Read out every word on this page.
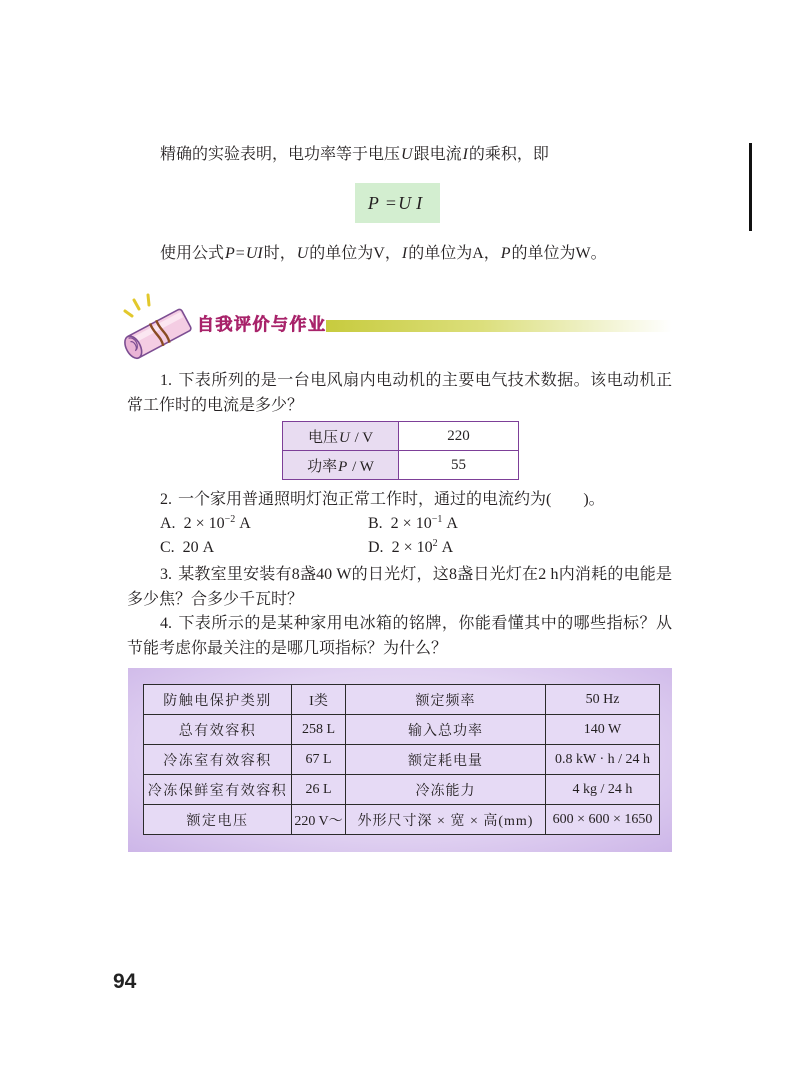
精确的实验表明，电功率等于电压U跟电流I的乘积，即
P = UI
使用公式P=UI时，U的单位为V，I的单位为A，P的单位为W。
自我评价与作业
1. 下表所列的是一台电风扇内电动机的主要电气技术数据。该电动机正
常工作时的电流是多少？
电压U / V	220
功率P / W	55
2. 一个家用普通照明灯泡正常工作时，通过的电流约为(　　)。
A. $2 \times 10^{-2}$ A	B. $2 \times 10^{-1}$ A
C. 20 A	D. $2 \times 10^2$ A
3. 某教室里安装有8盏40 W的日光灯，这8盏日光灯在2 h内消耗的电能是
多少焦？合多少千瓦时？
4. 下表所示的是某种家用电冰箱的铭牌，你能看懂其中的哪些指标？从
节能考虑你最关注的是哪几项指标？为什么？
防触电保护类别	I类	额定频率	50 Hz
总有效容积	258 L	输入总功率	140 W
冷冻室有效容积	67 L	额定耗电量	0.8 kW · h / 24 h
冷冻保鲜室有效容积	26 L	冷冻能力	4 kg / 24 h
额定电压	220 V～	外形尺寸深 × 宽 × 高(mm)	600 × 600 × 1650
94
